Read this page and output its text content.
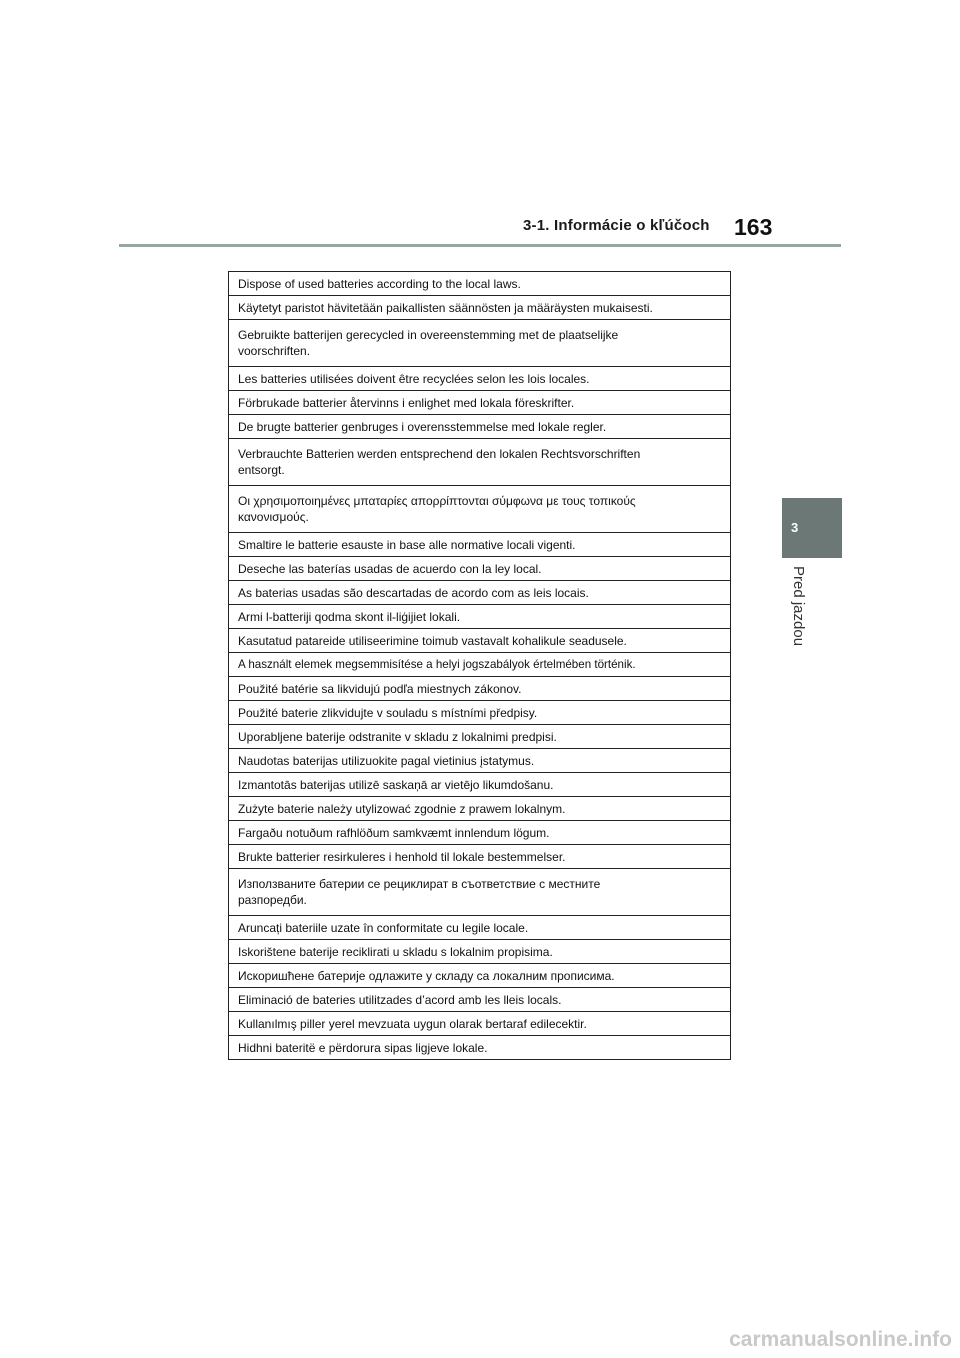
3-1. Informácie o kľúčoch 163
3
Pred jazdou
Dispose of used batteries according to the local laws.
Käytetyt paristot hävitetään paikallisten säännösten ja määräysten mukaisesti.
Gebruikte batterijen gerecycled in overeenstemming met de plaatselijke voorschriften.
Les batteries utilisées doivent être recyclées selon les lois locales.
Förbrukade batterier återvinns i enlighet med lokala föreskrifter.
De brugte batterier genbruges i overensstemmelse med lokale regler.
Verbrauchte Batterien werden entsprechend den lokalen Rechtsvorschriften entsorgt.
Οι χρησιμοποιημένες μπαταρίες απορρίπτονται σύμφωνα με τους τοπικούς κανονισμούς.
Smaltire le batterie esauste in base alle normative locali vigenti.
Deseche las baterías usadas de acuerdo con la ley local.
As baterias usadas são descartadas de acordo com as leis locais.
Armi l-batteriji qodma skont il-liġijiet lokali.
Kasutatud patareide utiliseerimine toimub vastavalt kohalikule seadusele.
A használt elemek megsemmisítése a helyi jogszabályok értelmében történik.
Použité batérie sa likvidujú podľa miestnych zákonov.
Použité baterie zlikvidujte v souladu s místními předpisy.
Uporabljene baterije odstranite v skladu z lokalnimi predpisi.
Naudotas baterijas utilizuokite pagal vietinius įstatymus.
Izmantotās baterijas utilizē saskaņā ar vietējo likumdošanu.
Zużyte baterie należy utylizować zgodnie z prawem lokalnym.
Fargaðu notuðum rafhlöðum samkvæmt innlendum lögum.
Brukte batterier resirkuleres i henhold til lokale bestemmelser.
Използваните батерии се рециклират в съответствие с местните разпоредби.
Aruncați bateriile uzate în conformitate cu legile locale.
Iskorištene baterije reciklirati u skladu s lokalnim propisima.
Искоришћене батерије одлажите у складу са локалним прописима.
Eliminació de bateries utilitzades d’acord amb les lleis locals.
Kullanılmış piller yerel mevzuata uygun olarak bertaraf edilecektir.
Hidhni bateritë e përdorura sipas ligjeve lokale.
carmanualsonline.info
